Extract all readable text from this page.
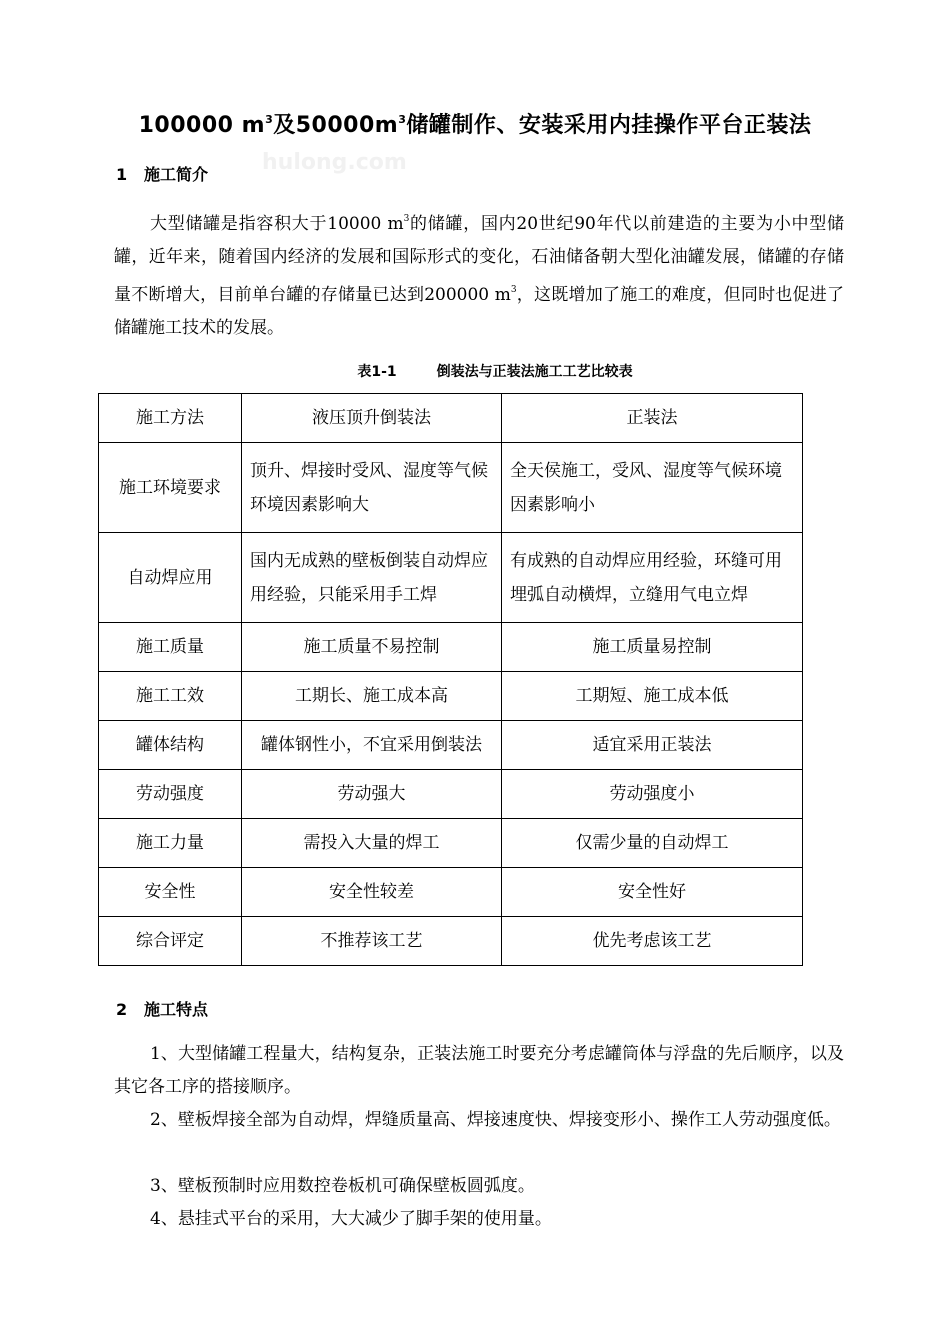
hulong.com
100000 $m^3$及$50000m^3$储罐制作、安装采用内挂操作平台正装法
1 施工简介
大型储罐是指容积大于10000 $m^3$的储罐，国内20世纪90年代以前建造的主要为小中型储罐，近年来，随着国内经济的发展和国际形式的变化，石油储备朝大型化油罐发展，储罐的存储量不断增大，目前单台罐的存储量已达到200000 $m^3$，这既增加了施工的难度，但同时也促进了储罐施工技术的发展。
表1-1	倒装法与正装法施工工艺比较表
施工方法	液压顶升倒装法	正装法
施工环境要求	顶升、焊接时受风、湿度等气候环境因素影响大	全天侯施工，受风、湿度等气候环境因素影响小
自动焊应用	国内无成熟的壁板倒装自动焊应用经验，只能采用手工焊	有成熟的自动焊应用经验，环缝可用埋弧自动横焊，立缝用气电立焊
施工质量	施工质量不易控制	施工质量易控制
施工工效	工期长、施工成本高	工期短、施工成本低
罐体结构	罐体钢性小，不宜采用倒装法	适宜采用正装法
劳动强度	劳动强大	劳动强度小
施工力量	需投入大量的焊工	仅需少量的自动焊工
安全性	安全性较差	安全性好
综合评定	不推荐该工艺	优先考虑该工艺
2 施工特点
1、大型储罐工程量大，结构复杂，正装法施工时要充分考虑罐筒体与浮盘的先后顺序，以及其它各工序的搭接顺序。
2、壁板焊接全部为自动焊，焊缝质量高、焊接速度快、焊接变形小、操作工人劳动强度低。
3、壁板预制时应用数控卷板机可确保壁板圆弧度。
4、悬挂式平台的采用，大大减少了脚手架的使用量。
